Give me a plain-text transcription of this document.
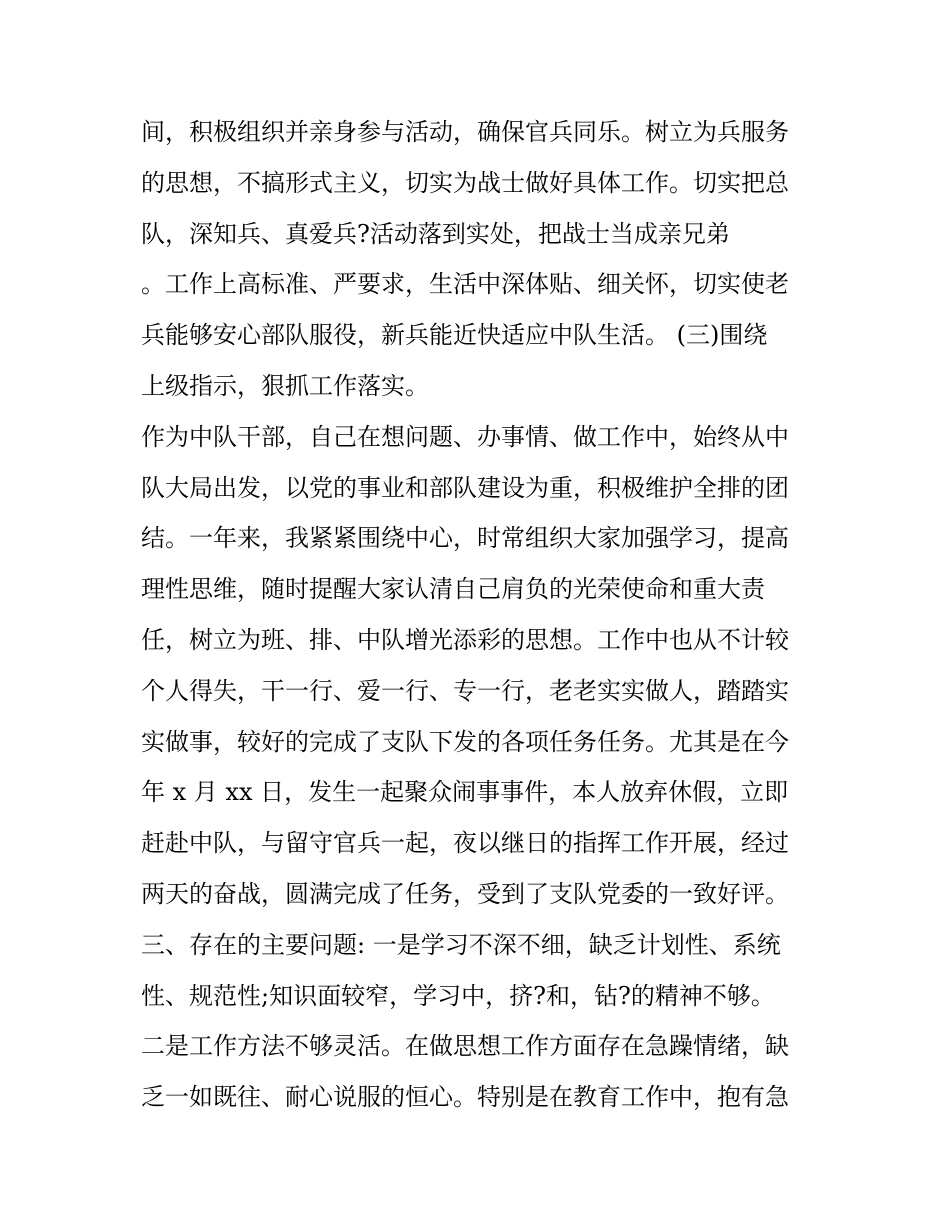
间，积极组织并亲身参与活动，确保官兵同乐。树立为兵服务
的思想，不搞形式主义，切实为战士做好具体工作。切实把总
队，深知兵、真爱兵?活动落到实处，把战士当成亲兄弟
。工作上高标准、严要求，生活中深体贴、细关怀，切实使老
兵能够安心部队服役，新兵能近快适应中队生活。 (三)围绕
上级指示，狠抓工作落实。
作为中队干部，自己在想问题、办事情、做工作中，始终从中
队大局出发，以党的事业和部队建设为重，积极维护全排的团
结。一年来，我紧紧围绕中心，时常组织大家加强学习，提高
理性思维，随时提醒大家认清自己肩负的光荣使命和重大责
任，树立为班、排、中队增光添彩的思想。工作中也从不计较
个人得失，干一行、爱一行、专一行，老老实实做人，踏踏实
实做事，较好的完成了支队下发的各项任务任务。尤其是在今
年 x 月 xx 日，发生一起聚众闹事事件，本人放弃休假，立即
赶赴中队，与留守官兵一起，夜以继日的指挥工作开展，经过
两天的奋战，圆满完成了任务，受到了支队党委的一致好评。
三、存在的主要问题: 一是学习不深不细，缺乏计划性、系统
性、规范性;知识面较窄，学习中，挤?和，钻?的精神不够。
二是工作方法不够灵活。在做思想工作方面存在急躁情绪，缺
乏一如既往、耐心说服的恒心。特别是在教育工作中，抱有急
